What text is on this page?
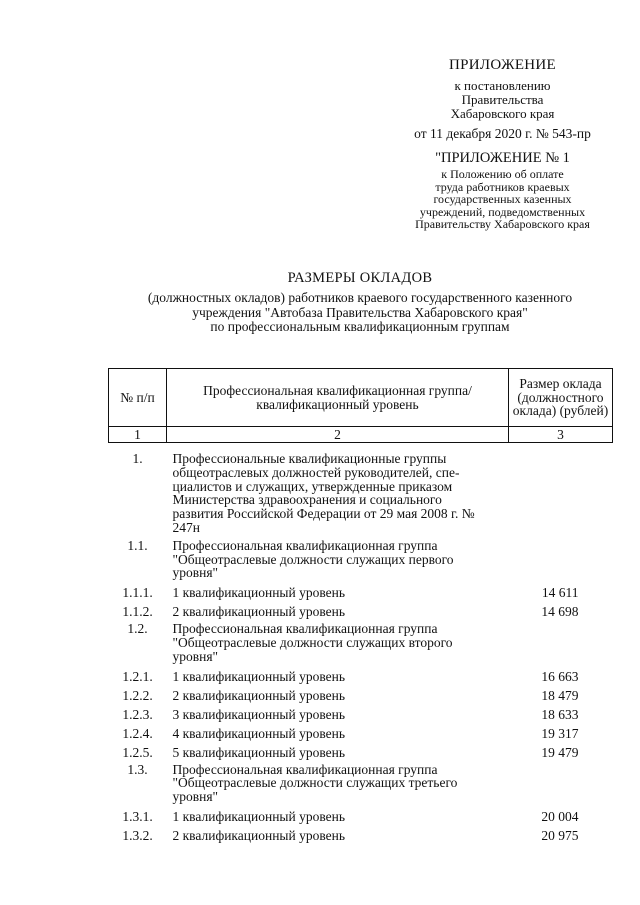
ПРИЛОЖЕНИЕ
к постановлению
Правительства
Хабаровского края
от 11 декабря 2020 г. № 543-пр
"ПРИЛОЖЕНИЕ № 1
к Положению об оплате
труда работников краевых
государственных казенных
учреждений, подведомственных
Правительству Хабаровского края
РАЗМЕРЫ ОКЛАДОВ
(должностных окладов) работников краевого государственного казенного
учреждения "Автобаза Правительства Хабаровского края"
по профессиональным квалификационным группам
№ п/п	Профессиональная квалификационная группа/ квалификационный уровень	Размер оклада (должностного оклада) (рублей)
1	2	3

1.	Профессиональные квалификационные группы общеотраслевых должностей руководителей, спе-циалистов и служащих, утвержденные приказом Министерства здравоохранения и социального развития Российской Федерации от 29 мая 2008 г. № 247н	
1.1.	Профессиональная квалификационная группа "Общеотраслевые должности служащих первого уровня"	
1.1.1.	1 квалификационный уровень	14 611
1.1.2.	2 квалификационный уровень	14 698
1.2.	Профессиональная квалификационная группа "Общеотраслевые должности служащих второго уровня"	
1.2.1.	1 квалификационный уровень	16 663
1.2.2.	2 квалификационный уровень	18 479
1.2.3.	3 квалификационный уровень	18 633
1.2.4.	4 квалификационный уровень	19 317
1.2.5.	5 квалификационный уровень	19 479
1.3.	Профессиональная квалификационная группа "Общеотраслевые должности служащих третьего уровня"	
1.3.1.	1 квалификационный уровень	20 004
1.3.2.	2 квалификационный уровень	20 975
